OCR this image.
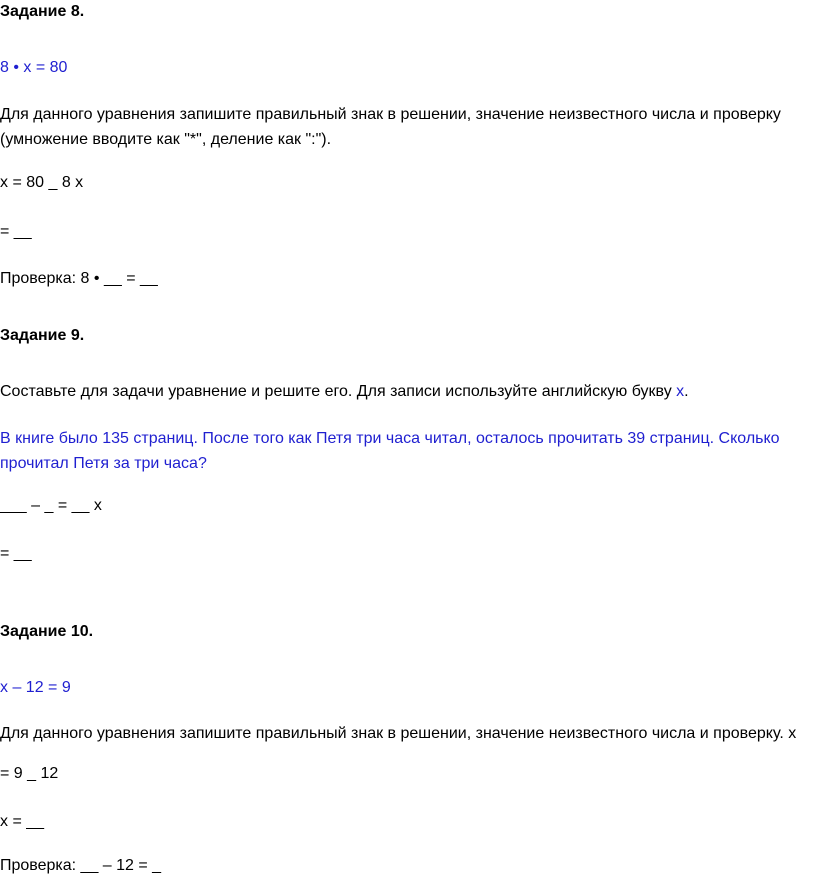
Задание 8.
8 • x = 80
Для данного уравнения запишите правильный знак в решении, значение неизвестного числа и проверку (умножение вводите как "*", деление как ":").
x = 80 _ 8 x
= __
Проверка: 8 • __ = __
Задание 9.
Составьте для задачи уравнение и решите его. Для записи используйте английскую букву x.
В книге было 135 страниц. После того как Петя три часа читал, осталось прочитать 39 страниц. Сколько прочитал Петя за три часа?
___ – _ = __ x
= __
Задание 10.
x – 12 = 9
Для данного уравнения запишите правильный знак в решении, значение неизвестного числа и проверку. x
= 9 _ 12
x = __
Проверка: __ – 12 = _
